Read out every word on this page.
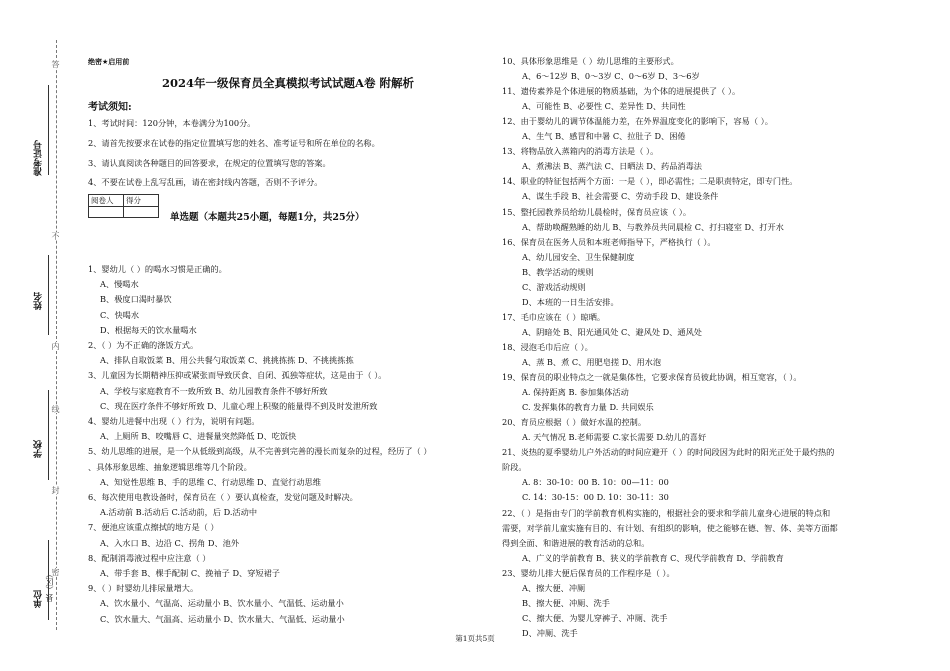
答
不
内
线
封
密
准考证号
姓名
学校
单位 县（区）
绝密★启用前
2024年一级保育员全真模拟考试试题A卷 附解析
考试须知:
1、考试时间：120分钟，本卷满分为100分。
2、请首先按要求在试卷的指定位置填写您的姓名、准考证号和所在单位的名称。
3、请认真阅读各种题目的回答要求，在规定的位置填写您的答案。
4、不要在试卷上乱写乱画，请在密封线内答题，否则不予评分。
阅卷人	得分

单选题（本题共25小题，每题1分，共25分）
1、婴幼儿（ ）的喝水习惯是正确的。
A、慢喝水
B、极度口渴时暴饮
C、快喝水
D、根据每天的饮水量喝水
2、（ ）为不正确的涤饭方式。
A、排队自取饭菜 B、用公共餐勺取饭菜 C、挑挑拣拣 D、不挑挑拣拣
3、儿童因为长期精神压抑或紧张而导致厌食、自闭、孤独等症状，这是由于（ ）。
A、学校与家庭教育不一致所致 B、幼儿园教育条件不够好所致
C、现在医疗条件不够好所致 D、儿童心理上积聚的能量得不到及时发泄所致
4、婴幼儿进餐中出现（ ）行为，说明有问题。
A、上厕所 B、咬嘴唇 C、进餐量突然降低 D、吃饭快
5、幼儿思维的进展，是一个从低级到高级，从不完善到完善的漫长而复杂的过程，经历了（ ）
、具体形象思维、抽象逻辑思维等几个阶段。
A、知觉性思维 B、手的思维 C、行动思维 D、直觉行动思维
6、每次使用电教设备时，保育员在（ ）要认真检查，发觉问题及时解决。
A.活动前 B.活动后 C.活动前，后 D.活动中
7、便池应该重点擦拭的地方是（ ）
A、入水口 B、边沿 C、拐角 D、池外
8、配制消毒液过程中应注意（ ）
A、带手套 B、棵手配制 C、挽袖子 D、穿短裙子
9、（ ）时婴幼儿排尿量增大。
A、饮水量小、气温高、运动量小 B、饮水量小、气温低、运动量小
C、饮水量大、气温高、运动量小 D、饮水量大、气温低、运动量小
10、具体形象思维是（ ）幼儿思维的主要形式。
A、6～12岁 B、0～3岁 C、0～6岁 D、3～6岁
11、遗传素养是个体进展的物质基础，为个体的进展提供了（ ）。
A、可能性 B、必要性 C、差异性 D、共同性
12、由于婴幼儿的调节体温能力差，在外界温度变化的影响下，容易（ ）。
A、生气 B、感冒和中暑 C、拉肚子 D、困倦
13、将物品放入蒸箱内的消毒方法是（ ）。
A、煮沸法 B、蒸汽法 C、日晒法 D、药品消毒法
14、职业的特征包括两个方面：一是（ ），即必需性；二是职责特定，即专门性。
A、谋生手段 B、社会需要 C、劳动手段 D、建设条件
15、整托园教养员给幼儿晨检时，保育员应该（ ）。
A、帮助唤醒熟睡的幼儿 B、与教养员共同晨检 C、打扫寝室 D、打开水
16、保育员在医务人员和本班老师指导下，严格执行（ ）。
A、幼儿园安全、卫生保健制度
B、教学活动的规则
C、游戏活动规则
D、本班的一日生活安排。
17、毛巾应该在（ ）晾晒。
A、阴暗处 B、阳光通风处 C、避风处 D、通风处
18、浸泡毛巾后应（ ）。
A、蒸 B、煮 C、用肥皂搓 D、用水泡
19、保育员的职业特点之一就是集体性，它要求保育员彼此协调，相互宽容，（ ）。
A. 保持距离 B. 参加集体活动
C. 发挥集体的教育力量 D. 共同娱乐
20、育员应根据（ ）做好水温的控制。
A. 天气情况 B.老师需要 C.家长需要 D.幼儿的喜好
21、炎热的夏季婴幼儿户外活动的时间应避开（ ）的时间段因为此时的阳光正处于最灼热的
阶段。
A. 8：30-10：00 B. 10：00—11：00
C. 14：30-15：00 D. 10：30-11：30
22、（ ）是指由专门的学前教育机构实施的，根据社会的要求和学前儿童身心进展的特点和
需要，对学前儿童实施有目的、有计划、有组织的影响，使之能够在德、智、体、美等方面都
得到全面、和谐进展的教育活动的总和。
A、广义的学前教育 B、狭义的学前教育 C、现代学前教育 D、学前教育
23、婴幼儿排大便后保育员的工作程序是（ ）。
A、擦大便、冲厕
B、擦大便、冲厕、洗手
C、擦大便、为婴儿穿裤子、冲厕、洗手
D、冲厕、洗手
第1页共5页
